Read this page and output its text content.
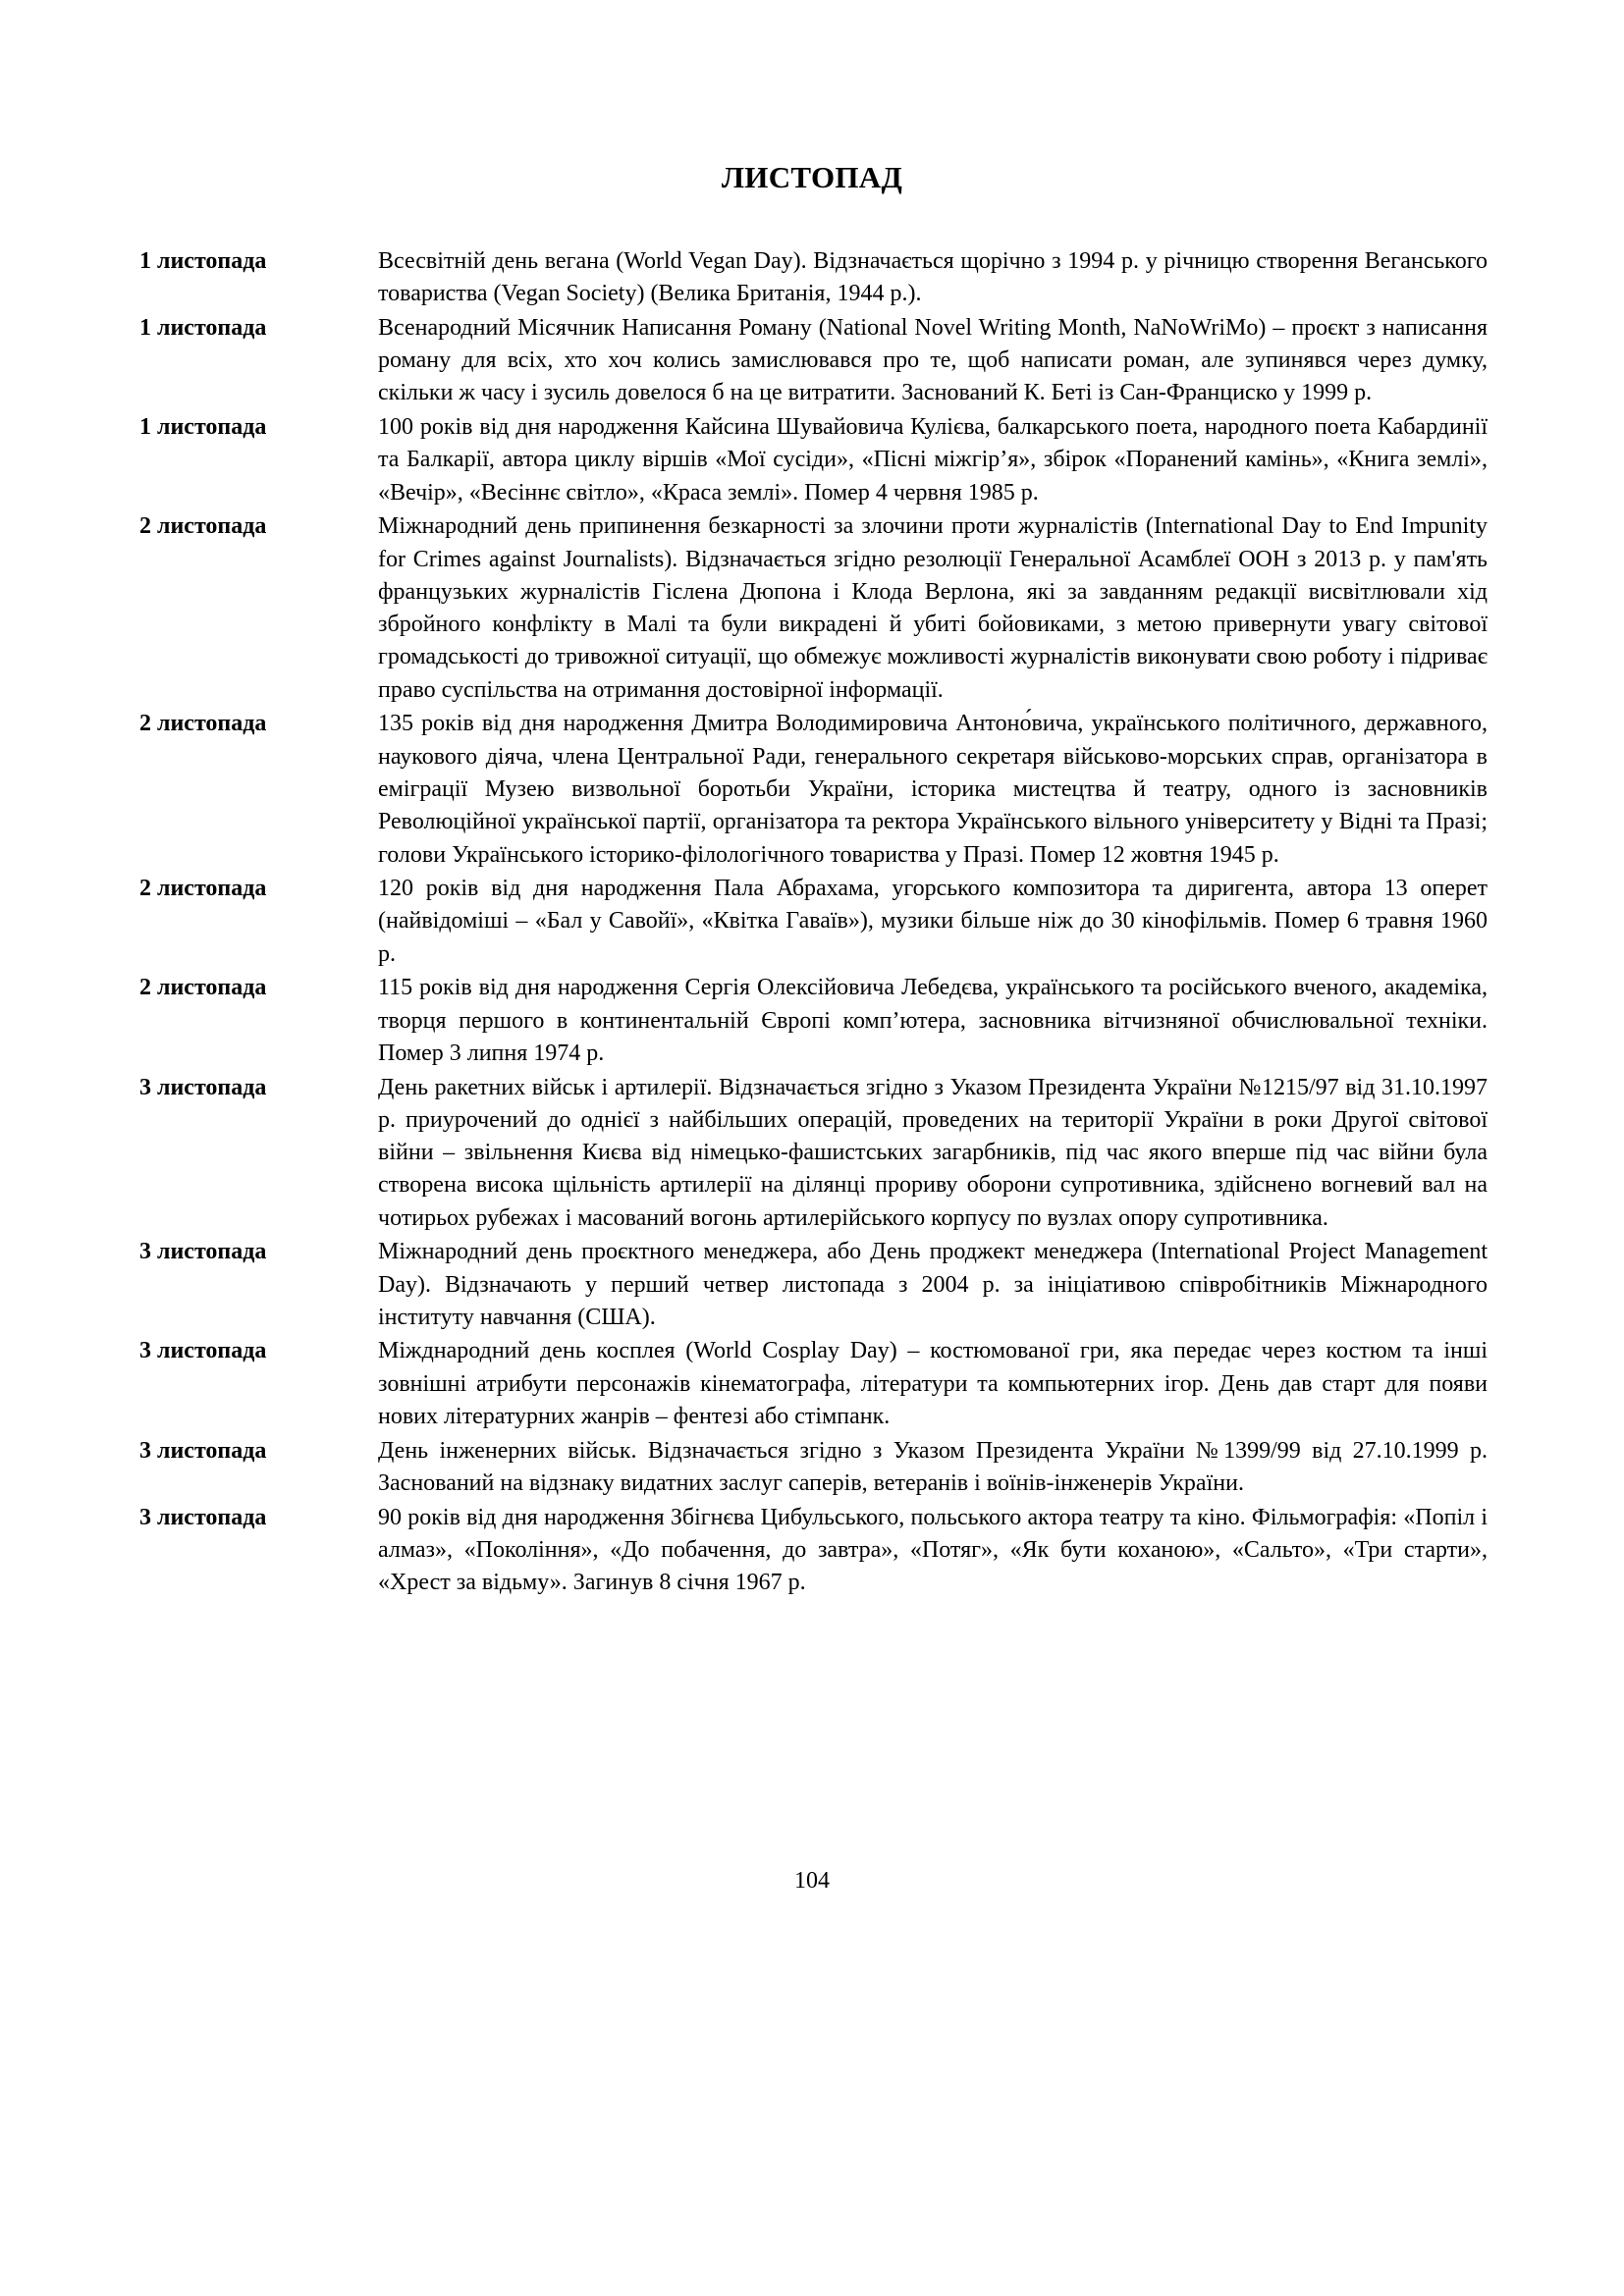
ЛИСТОПАД
1 листопада	Всесвітній день вегана (World Vegan Day). Відзначається щорічно з 1994 р. у річницю створення Веганського товариства (Vegan Society) (Велика Британія, 1944 р.).
1 листопада	Всенародний Місячник Написання Роману (National Novel Writing Month, NaNoWriMo) – проєкт з написання роману для всіх, хто хоч колись замислювався про те, щоб написати роман, але зупинявся через думку, скільки ж часу і зусиль довелося б на це витратити. Заснований К. Беті із Сан-Франциско у 1999 р.
1 листопада	100 років від дня народження Кайсина Шувайовича Кулієва, балкарського поета, народного поета Кабардинії та Балкарії, автора циклу віршів «Мої сусіди», «Пісні міжгір’я», збірок «Поранений камінь», «Книга землі», «Вечір», «Весіннє світло», «Краса землі». Помер 4 червня 1985 р.
2 листопада	Міжнародний день припинення безкарності за злочини проти журналістів (International Day to End Impunity for Crimes against Journalists). Відзначається згідно резолюції Генеральної Асамблеї ООН з 2013 р. у пам'ять французьких журналістів Гіслена Дюпона і Клода Верлона, які за завданням редакції висвітлювали хід збройного конфлікту в Малі та були викрадені й убиті бойовиками, з метою привернути увагу світової громадськості до тривожної ситуації, що обмежує можливості журналістів виконувати свою роботу і підриває право суспільства на отримання достовірної інформації.
2 листопада	135 років від дня народження Дмитра Володимировича Антоно́вича, українського політичного, державного, наукового діяча, члена Центральної Ради, генерального секретаря військово-морських справ, організатора в еміграції Музею визвольної боротьби України, історика мистецтва й театру, одного із засновників Революційної української партії, організатора та ректора Українського вільного університету у Відні та Празі; голови Українського історико-філологічного товариства у Празі. Помер 12 жовтня 1945 р.
2 листопада	120 років від дня народження Пала Абрахама, угорського композитора та диригента, автора 13 оперет (найвідоміші – «Бал у Савойї», «Квітка Гаваїв»), музики більше ніж до 30 кінофільмів. Помер 6 травня 1960 р.
2 листопада	115 років від дня народження Сергія Олексійовича Лебедєва, українського та російського вченого, академіка, творця першого в континентальній Європі комп’ютера, засновника вітчизняної обчислювальної техніки. Помер 3 липня 1974 р.
3 листопада	День ракетних військ і артилерії. Відзначається згідно з Указом Президента України №1215/97 від 31.10.1997 р. приурочений до однієї з найбільших операцій, проведених на території України в роки Другої світової війни – звільнення Києва від німецько-фашистських загарбників, під час якого вперше під час війни була створена висока щільність артилерії на ділянці прориву оборони супротивника, здійснено вогневий вал на чотирьох рубежах і масований вогонь артилерійського корпусу по вузлах опору супротивника.
3 листопада	Міжнародний день проєктного менеджера, або День проджект менеджера (International Project Management Day). Відзначають у перший четвер листопада з 2004 р. за ініціативою співробітників Міжнародного інституту навчання (США).
3 листопада	Міжднародний день косплея (World Cosplay Day) – костюмованої гри, яка передає через костюм та інші зовнішні атрибути персонажів кінематографа, літератури та компьютерних ігор. День дав старт для появи нових літературних жанрів – фентезі або стімпанк.
3 листопада	День інженерних військ. Відзначається згідно з Указом Президента України №1399/99 від 27.10.1999 р. Заснований на відзнаку видатних заслуг саперів, ветеранів і воїнів-інженерів України.
3 листопада	90 років від дня народження Збігнєва Цибульського, польського актора театру та кіно. Фільмографія: «Попіл і алмаз», «Покоління», «До побачення, до завтра», «Потяг», «Як бути коханою», «Сальто», «Три старти», «Хрест за відьму». Загинув 8 січня 1967 р.
104
